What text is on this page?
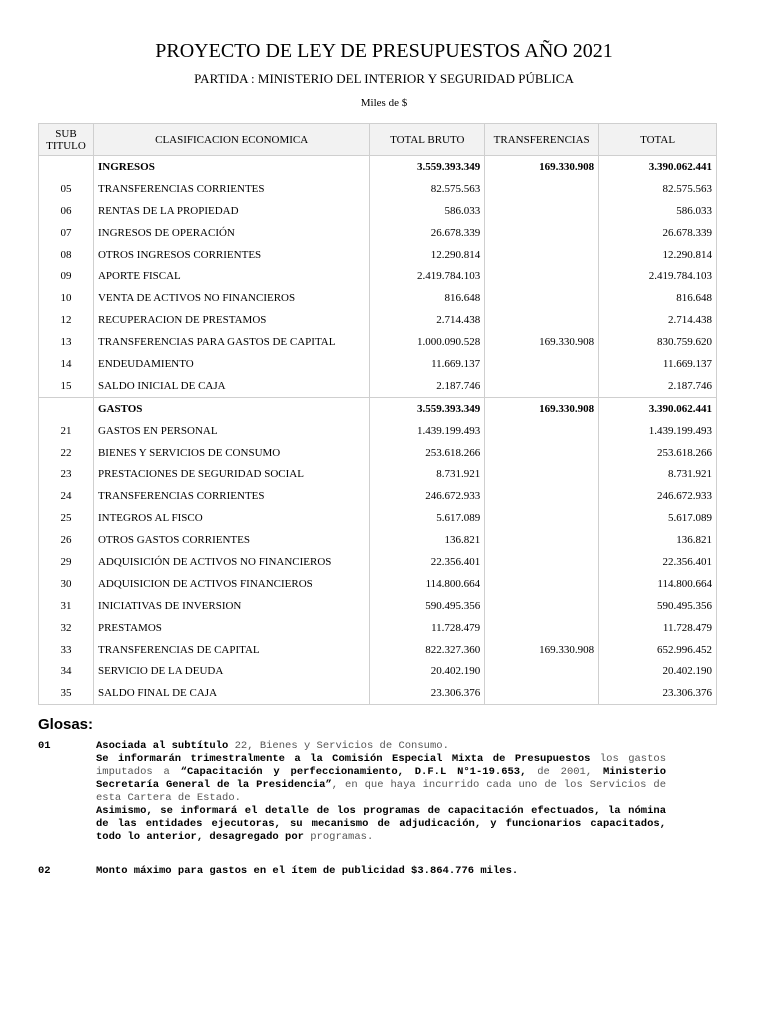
PROYECTO DE LEY DE PRESUPUESTOS AÑO 2021
PARTIDA : MINISTERIO DEL INTERIOR Y SEGURIDAD PÚBLICA
Miles de $
SUB
TITULO	CLASIFICACION ECONOMICA	TOTAL BRUTO	TRANSFERENCIAS	TOTAL
	INGRESOS	3.559.393.349	169.330.908	3.390.062.441
05	TRANSFERENCIAS CORRIENTES	82.575.563		82.575.563
06	RENTAS DE LA PROPIEDAD	586.033		586.033
07	INGRESOS DE OPERACIÓN	26.678.339		26.678.339
08	OTROS INGRESOS CORRIENTES	12.290.814		12.290.814
09	APORTE FISCAL	2.419.784.103		2.419.784.103
10	VENTA DE ACTIVOS NO FINANCIEROS	816.648		816.648
12	RECUPERACION DE PRESTAMOS	2.714.438		2.714.438
13	TRANSFERENCIAS PARA GASTOS DE CAPITAL	1.000.090.528	169.330.908	830.759.620
14	ENDEUDAMIENTO	11.669.137		11.669.137
15	SALDO INICIAL DE CAJA	2.187.746		2.187.746
	GASTOS	3.559.393.349	169.330.908	3.390.062.441
21	GASTOS EN PERSONAL	1.439.199.493		1.439.199.493
22	BIENES Y SERVICIOS DE CONSUMO	253.618.266		253.618.266
23	PRESTACIONES DE SEGURIDAD SOCIAL	8.731.921		8.731.921
24	TRANSFERENCIAS CORRIENTES	246.672.933		246.672.933
25	INTEGROS AL FISCO	5.617.089		5.617.089
26	OTROS GASTOS CORRIENTES	136.821		136.821
29	ADQUISICIÓN DE ACTIVOS NO FINANCIEROS	22.356.401		22.356.401
30	ADQUISICION DE ACTIVOS FINANCIEROS	114.800.664		114.800.664
31	INICIATIVAS DE INVERSION	590.495.356		590.495.356
32	PRESTAMOS	11.728.479		11.728.479
33	TRANSFERENCIAS DE CAPITAL	822.327.360	169.330.908	652.996.452
34	SERVICIO DE LA DEUDA	20.402.190		20.402.190
35	SALDO FINAL DE CAJA	23.306.376		23.306.376
Glosas:
01	Asociada al subtítulo 22, Bienes y Servicios de Consumo.

Se informarán trimestralmente a la Comisión Especial Mixta de Presupuestos los gastos imputados a “Capacitación y perfeccionamiento, D.F.L N°1-19.653, de 2001, Ministerio Secretaría General de la Presidencia”, en que haya incurrido cada uno de los Servicios de esta Cartera de Estado.

Asimismo, se informará el detalle de los programas de capacitación efectuados, la nómina de las entidades ejecutoras, su mecanismo de adjudicación, y funcionarios capacitados, todo lo anterior, desagregado por programas.

02	Monto máximo para gastos en el ítem de publicidad $3.864.776 miles.
